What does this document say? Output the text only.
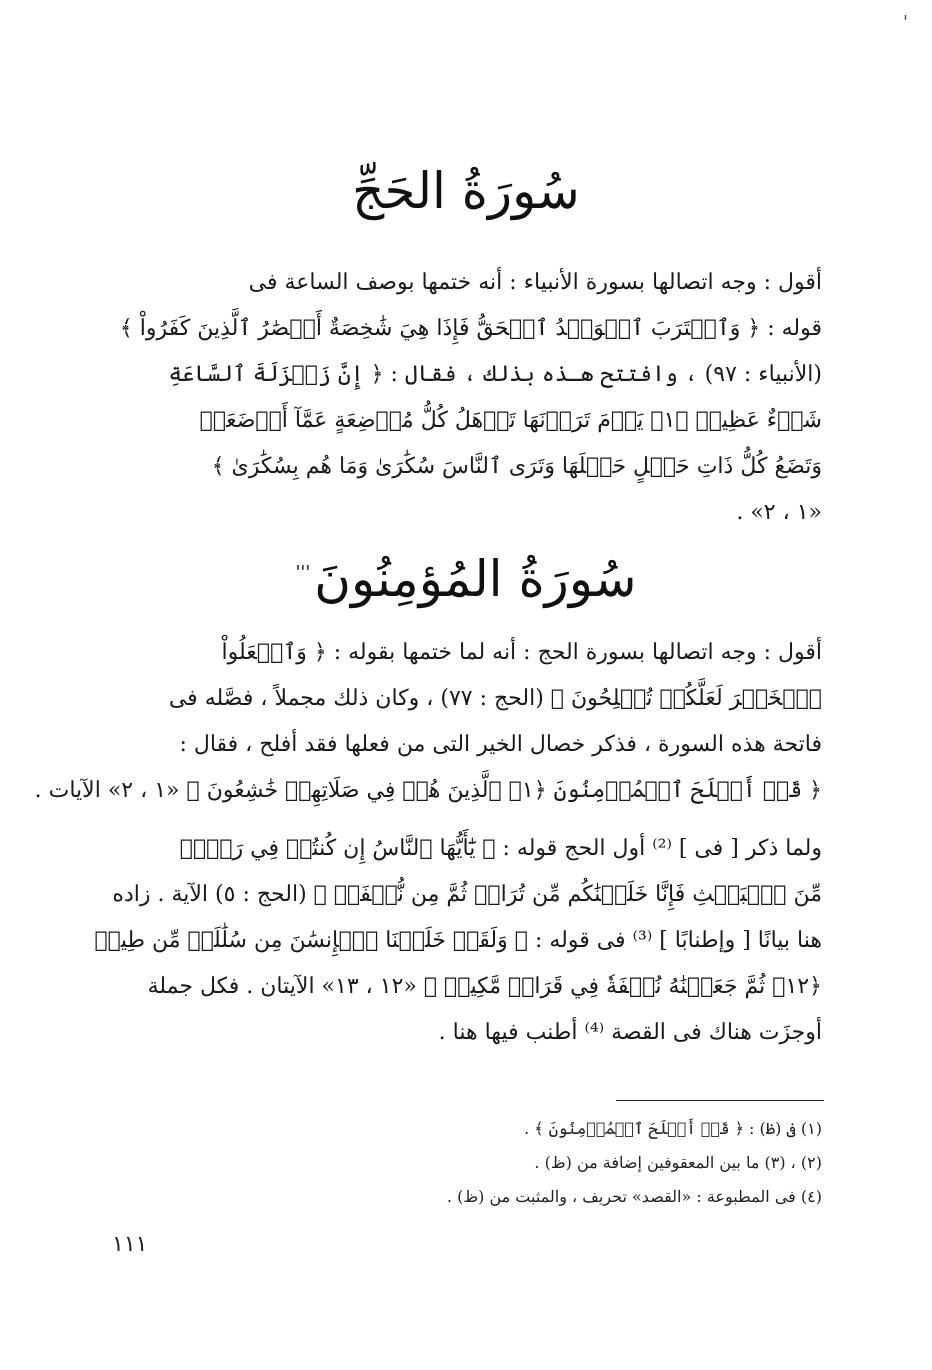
'
سُورَةُ الحَجِّ
أقول : وجه اتصالها بسورة الأنبياء : أنه ختمها بوصف الساعة فى
قوله : ﴿ وَٱقۡتَرَبَ ٱلۡوَعۡدُ ٱلۡحَقُّ فَإِذَا هِيَ شَٰخِصَةٌ أَبۡصَٰرُ ٱلَّذِينَ كَفَرُواْ ﴾
(الأنبياء : ٩٧) ، وافتتح هـذه بذلك ، فقال : ﴿ إِنَّ زَلۡزَلَةَ ٱلسَّاعَةِ
شَيۡءٌ عَظِيمٞ ﴿١﴾ يَوۡمَ تَرَوۡنَهَا تَذۡهَلُ كُلُّ مُرۡضِعَةٍ عَمَّآ أَرۡضَعَتۡ
وَتَضَعُ كُلُّ ذَاتِ حَمۡلٍ حَمۡلَهَا وَتَرَى ٱلنَّاسَ سُكَٰرَىٰ وَمَا هُم بِسُكَٰرَىٰ ﴾
«١ ، ٢» .
سُورَةُ المُؤمِنُونَ'''
أقول : وجه اتصالها بسورة الحج : أنه لما ختمها بقوله : ﴿ وَٱفۡعَلُواْ
ٱلۡخَيۡرَ لَعَلَّكُمۡ تُفۡلِحُونَ ﴾ (الحج : ٧٧) ، وكان ذلك مجملاً ، فصَّله فى
فاتحة هذه السورة ، فذكر خصال الخير التى من فعلها فقد أفلح ، فقال :
﴿ قَدۡ أَفۡلَحَ ٱلۡمُؤۡمِنُونَ ﴿١﴾ ٱلَّذِينَ هُمۡ فِي صَلَاتِهِمۡ خَٰشِعُونَ ﴾ «١ ، ٢» الآيات .
ولما ذكر [ فى ] ⁽²⁾ أول الحج قوله : ﴿ يَٰٓأَيُّهَا ٱلنَّاسُ إِن كُنتُمۡ فِي رَيۡبٖ
مِّنَ ٱلۡبَعۡثِ فَإِنَّا خَلَقۡنَٰكُم مِّن تُرَابٖ ثُمَّ مِن نُّطۡفَةٖ ﴾ (الحج : ٥) الآية . زاده
هنا بيانًا [ وإطنابًا ] ⁽³⁾ فى قوله : ﴿ وَلَقَدۡ خَلَقۡنَا ٱلۡإِنسَٰنَ مِن سُلَٰلَةٖ مِّن طِينٖ
﴿١٢﴾ ثُمَّ جَعَلۡنَٰهُ نُطۡفَةٗ فِي قَرَارٖ مَّكِينٖ ﴾ «١٢ ، ١٣» الآيتان . فكل جملة
أوجزَت هناك فى القصة ⁽⁴⁾ أطنب فيها هنا .
(١) فى (ظ) : ﴿ قَدۡ أَفۡلَحَ ٱلۡمُؤۡمِنُونَ ﴾ .
(٢) ، (٣) ما بين المعقوفين إضافة من (ظ) .
(٤) فى المطبوعة : «القصد» تحريف ، والمثبت من (ظ) .
١١١
